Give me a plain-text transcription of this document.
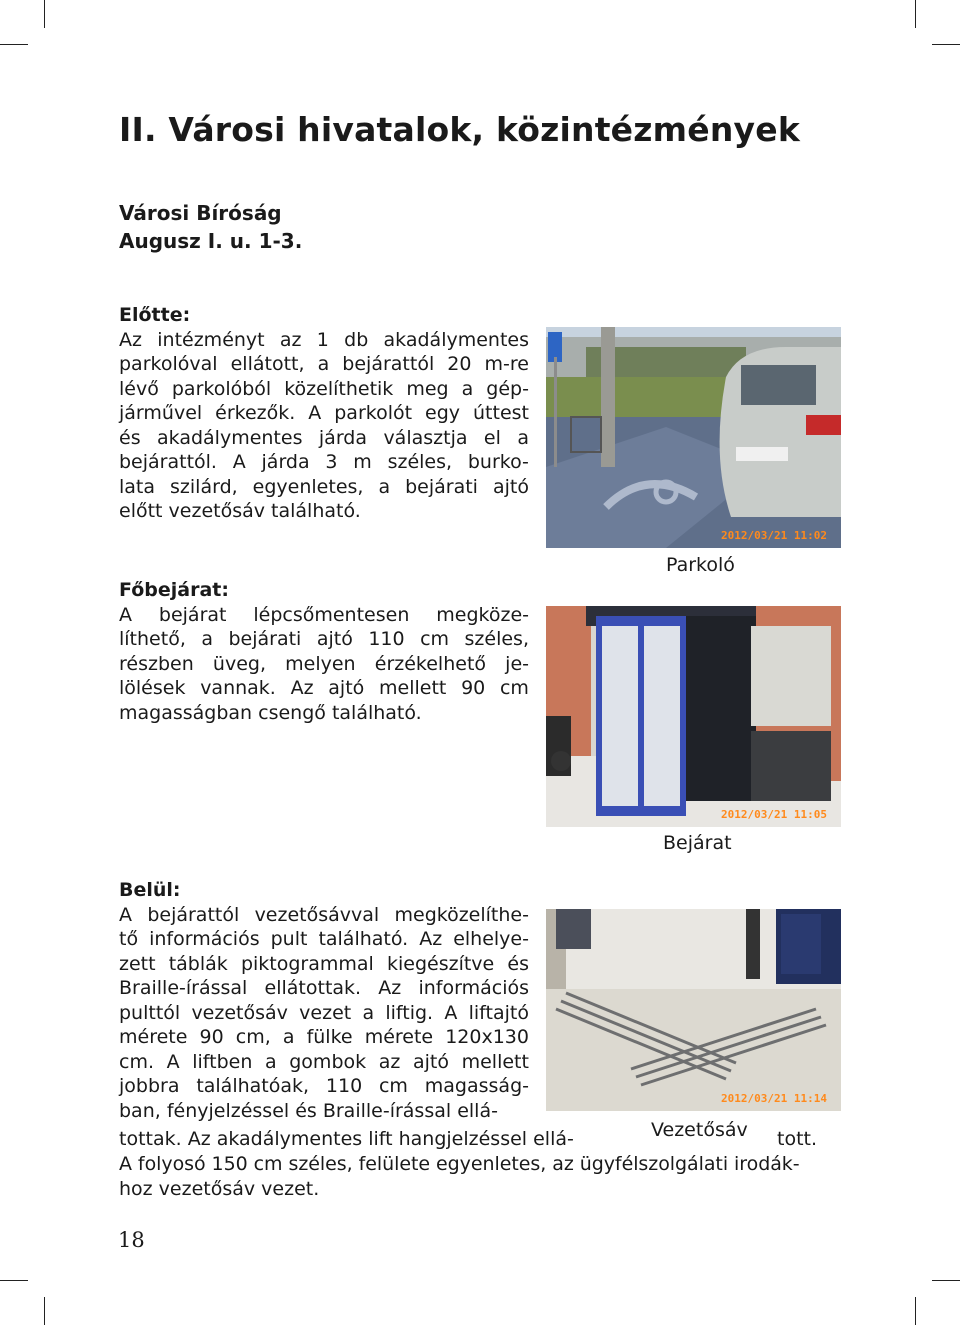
II. Városi hivatalok, közintézmények
Városi Bíróság
Augusz I. u. 1-3.
Előtte:
Az intézményt az 1 db akadálymentes
parkolóval ellátott, a bejárattól 20 m-re
lévő parkolóból közelíthetik meg a gép-
járművel érkezők. A parkolót egy úttest
és akadálymentes járda választja el a
bejárattól. A járda 3 m széles, burko-
lata szilárd, egyenletes, a bejárati ajtó
előtt vezetősáv található.
Főbejárat:
A bejárat lépcsőmentesen megköze-
líthető, a bejárati ajtó 110 cm széles,
részben üveg, melyen érzékelhető je-
lölések vannak. Az ajtó mellett 90 cm
magasságban csengő található.
Belül:
A bejárattól vezetősávval megközelíthe-
tő információs pult található. Az elhelye-
zett táblák piktogrammal kiegészítve és
Braille-írással ellátottak. Az információs
pulttól vezetősáv vezet a liftig. A liftajtó
mérete 90 cm, a fülke mérete 120x130
cm. A liftben a gombok az ajtó mellett
jobbra találhatóak, 110 cm magasság-
ban, fényjelzéssel és Braille-írással ellá-
tottak. Az akadálymentes lift hangjelzéssel ellá-	tott.
A folyosó 150 cm széles, felülete egyenletes, az ügyfélszolgálati irodák-
hoz vezetősáv vezet.
2012/03/21 11:02
Parkoló
2012/03/21 11:05
Bejárat
2012/03/21 11:14
Vezetősáv
18
